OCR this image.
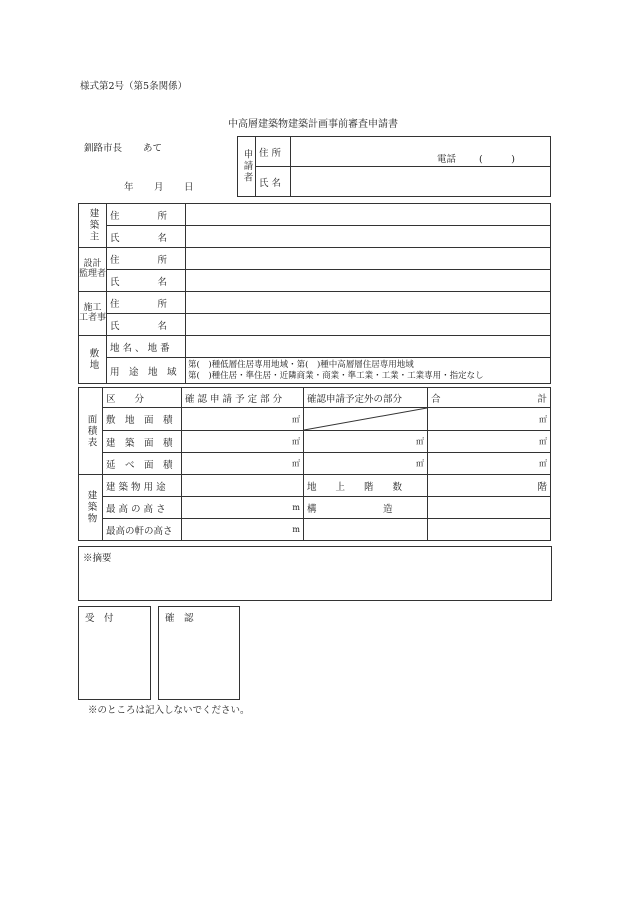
様式第2号（第5条関係）
中高層建築物建築計画事前審査申請書
釧路市長 あて
年 月 日
申請者	住 所	電話 (　　　)

	氏 名	
建築主	住　　　　所	
	氏　　　　名	
設計
監理者	住　　　　所	
	氏　　　　名	
施工
工者事	住　　　　所	
	氏　　　　名	
敷地	地 名 、 地 番	
	用　途　地　域	第(　)種低層住居専用地域・第(　)種中高層層住居専用地域
第(　)種住居・準住居・近隣商業・商業・準工業・工業・工業専用・指定なし
面積表	区　　分	確 認 申 請 予 定 部 分	確認申請予定外の部分	合 計

	敷　地　面　積	㎡		㎡
	建　築　面　積	㎡	㎡	㎡
	延　べ　面　積	㎡	㎡	㎡
建築物	建 築 物 用 途		地　　上　　階　　数	階
	最 高 の 高 さ	m	構　　　　　　　造	
	最高の軒の高さ	m		
※摘要
受　付	確　認
※のところは記入しないでください。
